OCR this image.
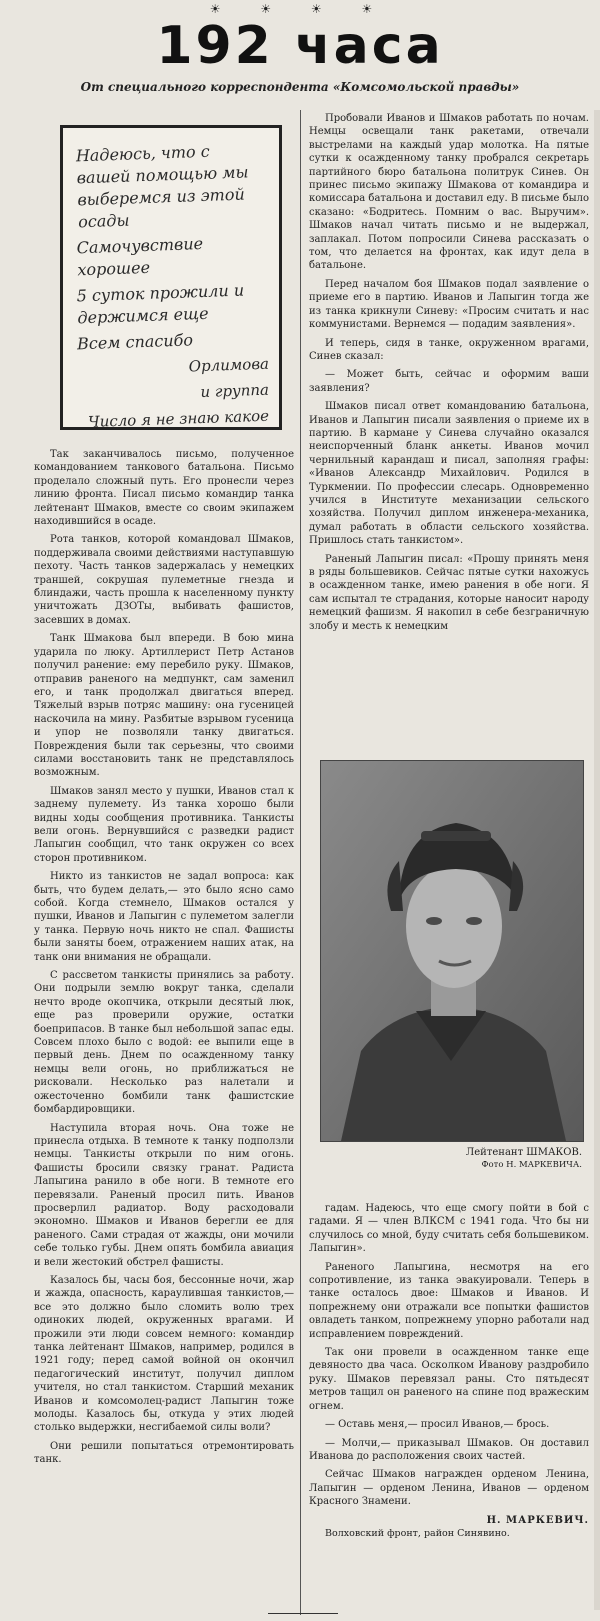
☀ ☀ ☀ ☀
192 часа
От специального корреспондента «Комсомольской правды»
Надеюсь, что с вашей помощью мы выберемся из этой осады
Самочувствие хорошее
5 суток прожили и держимся еще
Всем спасибо
Орлимова
и группа
Число я не знаю какое

Так заканчивалось письмо, полученное командованием танкового батальона. Письмо проделало сложный путь. Его пронесли через линию фронта. Писал письмо командир танка лейтенант Шмаков, вместе со своим экипажем находившийся в осаде.

Рота танков, которой командовал Шмаков, поддерживала своими действиями наступавшую пехоту. Часть танков задержалась у немецких траншей, сокрушая пулеметные гнезда и блиндажи, часть прошла к населенному пункту уничтожать ДЗОТы, выбивать фашистов, засевших в домах.

Танк Шмакова был впереди. В бою мина ударила по люку. Артиллерист Петр Астанов получил ранение: ему перебило руку. Шмаков, отправив раненого на медпункт, сам заменил его, и танк продолжал двигаться вперед. Тяжелый взрыв потряс машину: она гусеницей наскочила на мину. Разбитые взрывом гусеница и упор не позволяли танку двигаться. Повреждения были так серьезны, что своими силами восстановить танк не представлялось возможным.

Шмаков занял место у пушки, Иванов стал к заднему пулемету. Из танка хорошо были видны ходы сообщения противника. Танкисты вели огонь. Вернувшийся с разведки радист Лапыгин сообщил, что танк окружен со всех сторон противником.

Никто из танкистов не задал вопроса: как быть, что будем делать,— это было ясно само собой. Когда стемнело, Шмаков остался у пушки, Иванов и Лапыгин с пулеметом залегли у танка. Первую ночь никто не спал. Фашисты были заняты боем, отражением наших атак, на танк они внимания не обращали.

С рассветом танкисты принялись за работу. Они подрыли землю вокруг танка, сделали нечто вроде окопчика, открыли десятый люк, еще раз проверили оружие, остатки боеприпасов. В танке был небольшой запас еды. Совсем плохо было с водой: ее выпили еще в первый день. Днем по осажденному танку немцы вели огонь, но приближаться не рисковали. Несколько раз налетали и ожесточенно бомбили танк фашистские бомбардировщики.

Наступила вторая ночь. Она тоже не принесла отдыха. В темноте к танку подползли немцы. Танкисты открыли по ним огонь. Фашисты бросили связку гранат. Радиста Лапыгина ранило в обе ноги. В темноте его перевязали. Раненый просил пить. Иванов просверлил радиатор. Воду расходовали экономно. Шмаков и Иванов берегли ее для раненого. Сами страдая от жажды, они мочили себе только губы. Днем опять бомбила авиация и вели жестокий обстрел фашисты.

Казалось бы, часы боя, бессонные ночи, жар и жажда, опасность, караулившая танкистов,— все это должно было сломить волю трех одиноких людей, окруженных врагами. И прожили эти люди совсем немного: командир танка лейтенант Шмаков, например, родился в 1921 году; перед самой войной он окончил педагогический институт, получил диплом учителя, но стал танкистом. Старший механик Иванов и комсомолец-радист Лапыгин тоже молоды. Казалось бы, откуда у этих людей столько выдержки, несгибаемой силы воли?

Они решили попытаться отремонтировать танк.

Пробовали Иванов и Шмаков работать по ночам. Немцы освещали танк ракетами, отвечали выстрелами на каждый удар молотка. На пятые сутки к осажденному танку пробрался секретарь партийного бюро батальона политрук Синев. Он принес письмо экипажу Шмакова от командира и комиссара батальона и доставил еду. В письме было сказано: «Бодритесь. Помним о вас. Выручим». Шмаков начал читать письмо и не выдержал, заплакал. Потом попросили Синева рассказать о том, что делается на фронтах, как идут дела в батальоне.

Перед началом боя Шмаков подал заявление о приеме его в партию. Иванов и Лапыгин тогда же из танка крикнули Синеву: «Просим считать и нас коммунистами. Вернемся — подадим заявления».

И теперь, сидя в танке, окруженном врагами, Синев сказал:

— Может быть, сейчас и оформим ваши заявления?

Шмаков писал ответ командованию батальона, Иванов и Лапыгин писали заявления о приеме их в партию. В кармане у Синева случайно оказался неиспорченный бланк анкеты. Иванов мочил чернильный карандаш и писал, заполняя графы: «Иванов Александр Михайлович. Родился в Туркмении. По профессии слесарь. Одновременно учился в Институте механизации сельского хозяйства. Получил диплом инженера-механика, думал работать в области сельского хозяйства. Пришлось стать танкистом».

Раненый Лапыгин писал: «Прошу принять меня в ряды большевиков. Сейчас пятые сутки нахожусь в осажденном танке, имею ранения в обе ноги. Я сам испытал те страдания, которые наносит народу немецкий фашизм. Я накопил в себе безграничную злобу и месть к немецким

Лейтенант ШМАКОВ.
Фото Н. МАРКЕВИЧА.

гадам. Надеюсь, что еще смогу пойти в бой с гадами. Я — член ВЛКСМ с 1941 года. Что бы ни случилось со мной, буду считать себя большевиком. Лапыгин».

Раненого Лапыгина, несмотря на его сопротивление, из танка эвакуировали. Теперь в танке осталось двое: Шмаков и Иванов. И попрежнему они отражали все попытки фашистов овладеть танком, попрежнему упорно работали над исправлением повреждений.

Так они провели в осажденном танке еще девяносто два часа. Осколком Иванову раздробило руку. Шмаков перевязал раны. Сто пятьдесят метров тащил он раненого на спине под вражеским огнем.

— Оставь меня,— просил Иванов,— брось.

— Молчи,— приказывал Шмаков. Он доставил Иванова до расположения своих частей.

Сейчас Шмаков награжден орденом Ленина, Лапыгин — орденом Ленина, Иванов — орденом Красного Знамени.

Н. МАРКЕВИЧ.
Волховский фронт, район Синявино.
